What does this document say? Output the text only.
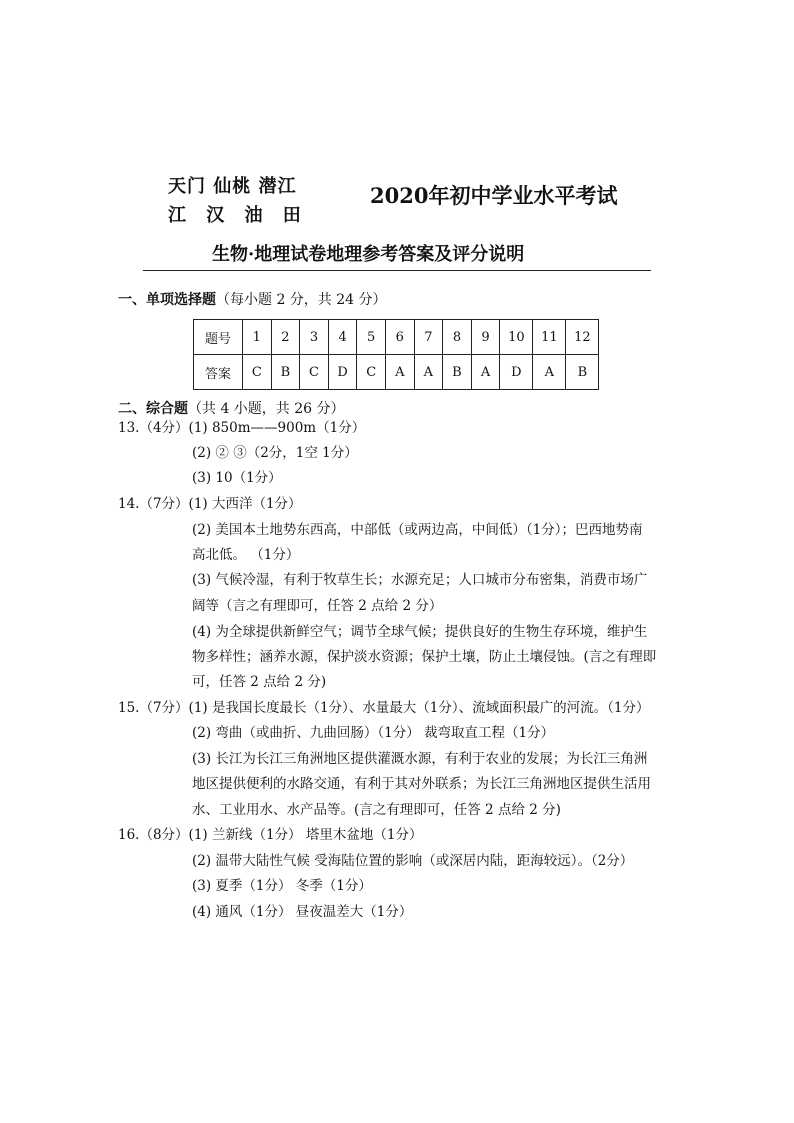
天门 仙桃 潜江
江 汉 油 田
2020年初中学业水平考试
生物·地理试卷地理参考答案及评分说明
一、单项选择题（每小题 2 分，共 24 分）
题号	1	2	3	4	5	6	7	8	9	10	11	12
答案	C	B	C	D	C	A	A	B	A	D	A	B
二、综合题（共 4 小题，共 26 分）
13.（4分）(1) 850m——900m（1分）
(2) ② ③（2分，1空 1分）
(3) 10（1分）
14.（7分）(1) 大西洋（1分）
(2) 美国本土地势东西高，中部低（或两边高，中间低）（1分）；巴西地势南
高北低。 （1分）
(3) 气候冷湿，有利于牧草生长；水源充足；人口城市分布密集，消费市场广
阔等（言之有理即可，任答 2 点给 2 分）
(4) 为全球提供新鲜空气；调节全球气候；提供良好的生物生存环境，维护生
物多样性；涵养水源，保护淡水资源；保护土壤，防止土壤侵蚀。(言之有理即
可，任答 2 点给 2 分)
15.（7分）(1) 是我国长度最长（1分）、水量最大（1分）、流域面积最广的河流。（1分）
(2) 弯曲（或曲折、九曲回肠）（1分） 裁弯取直工程（1分）
(3) 长江为长江三角洲地区提供灌溉水源，有利于农业的发展；为长江三角洲
地区提供便利的水路交通，有利于其对外联系；为长江三角洲地区提供生活用
水、工业用水、水产品等。(言之有理即可，任答 2 点给 2 分)
16.（8分）(1) 兰新线（1分） 塔里木盆地（1分）
(2) 温带大陆性气候 受海陆位置的影响（或深居内陆，距海较远）。（2分）
(3) 夏季（1分） 冬季（1分）
(4) 通风（1分） 昼夜温差大（1分）
